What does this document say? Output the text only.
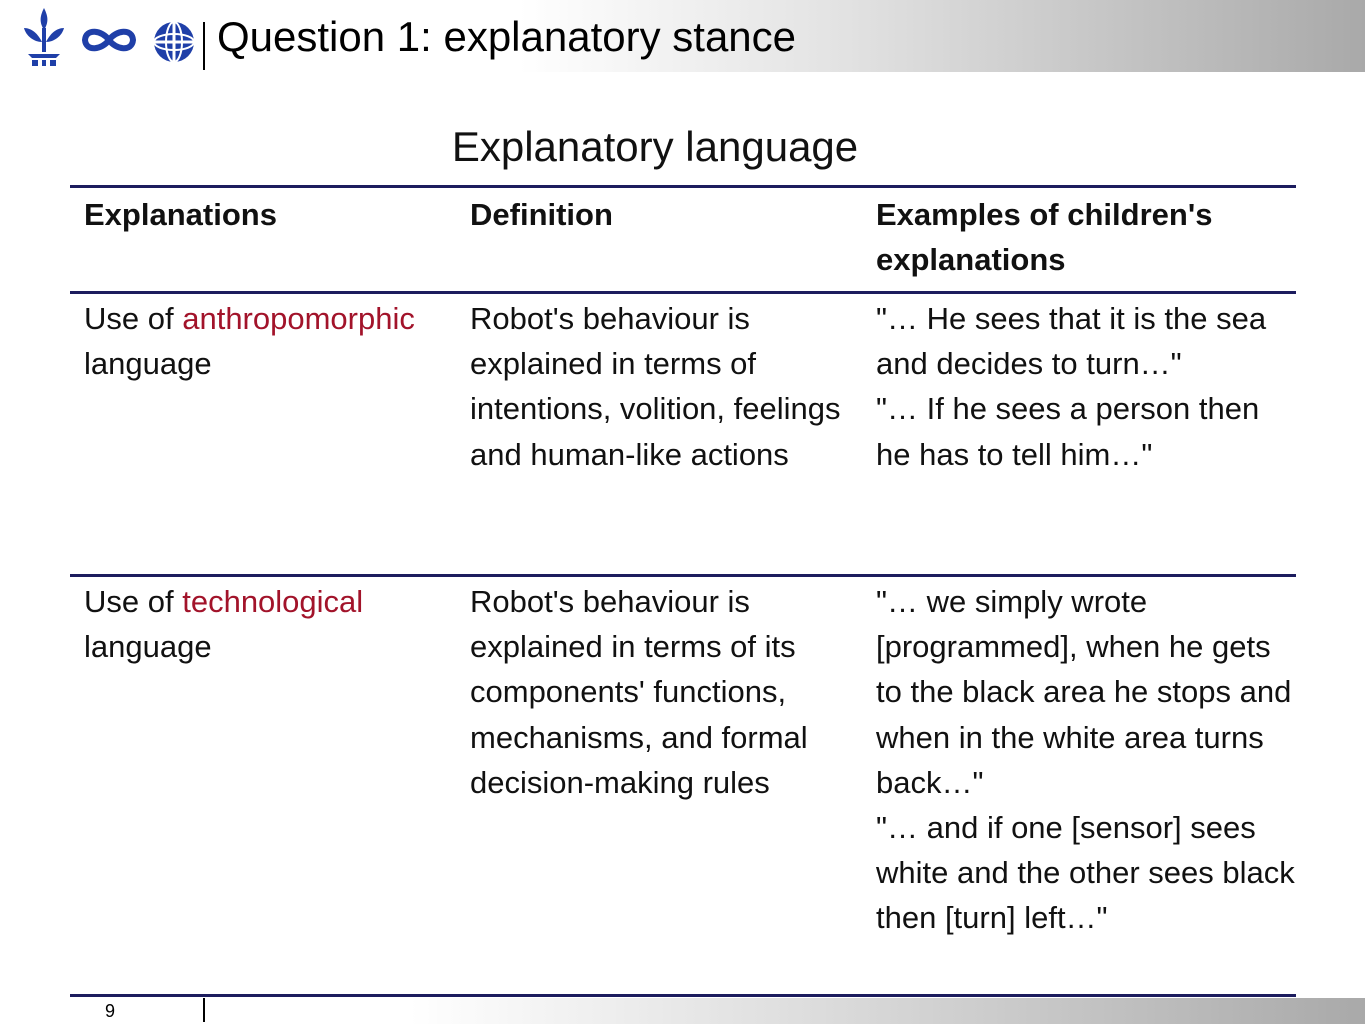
Question 1: explanatory stance
Explanatory language
Explanations	Definition	Examples of children's explanations
Use of anthropomorphic language
Robot's behaviour is explained in terms of intentions, volition, feelings and human-like actions
"… He sees that it is the sea and decides to turn…"
"… If he sees a person then he has to tell him…"
Use of technological language
Robot's behaviour is explained in terms of its components' functions, mechanisms, and formal decision-making rules
"… we simply wrote [programmed], when he gets to the black area he stops and when in the white area turns back…"
"… and if one [sensor] sees white and the other sees black then [turn] left…"
9
